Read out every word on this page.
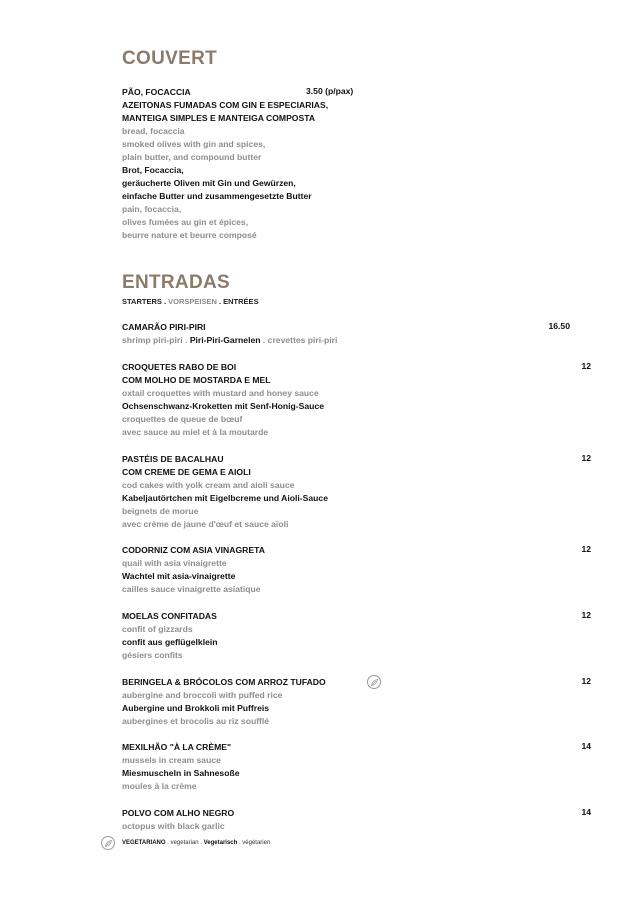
COUVERT
PÃO, FOCACCIA	3.50 (p/pax)
AZEITONAS FUMADAS COM GIN E ESPECIARIAS,
MANTEIGA SIMPLES E MANTEIGA COMPOSTA
bread, focaccia
smoked olives with gin and spices,
plain butter, and compound butter
Brot, Focaccia,
geräucherte Oliven mit Gin und Gewürzen,
einfache Butter und zusammengesetzte Butter
pain, focaccia,
olives fumées au gin et épices,
beurre nature et beurre composé
ENTRADAS
STARTERS . VORSPEISEN . ENTRÉES
CAMARÃO PIRI-PIRI	16.50
shrimp piri-piri . Piri-Piri-Garnelen . crevettes piri-piri
CROQUETES RABO DE BOI
COM MOLHO DE MOSTARDA E MEL
oxtail croquettes with mustard and honey sauce
Ochsenschwanz-Kroketten mit Senf-Honig-Sauce
croquettes de queue de bœuf
avec sauce au miel et à la moutarde
12
PASTÉIS DE BACALHAU
COM CREME DE GEMA E AIOLI
cod cakes with yolk cream and aioli sauce
Kabeljautörtchen mit Eigelbcreme und Aioli-Sauce
beignets de morue
avec crème de jaune d'œuf et sauce aïoli
12
CODORNIZ COM ASIA VINAGRETA
quail with asia vinaigrette
Wachtel mit asia-vinaigrette
cailles sauce vinaigrette asiatique
12
MOELAS CONFITADAS
confit of gizzards
confit aus geflügelklein
gésiers confits
12
BERINGELA & BRÓCOLOS COM ARROZ TUFADO
aubergine and broccoli with puffed rice
Aubergine und Brokkoli mit Puffreis
aubergines et brocolis au riz soufflé
12
MEXILHÃO "À LA CRÈME"
mussels in cream sauce
Miesmuscheln in Sahnesoße
moules à la crème
14
POLVO COM ALHO NEGRO
octopus with black garlic
14
VEGETARIANO . vegetarian . Vegetarisch . végétarien
